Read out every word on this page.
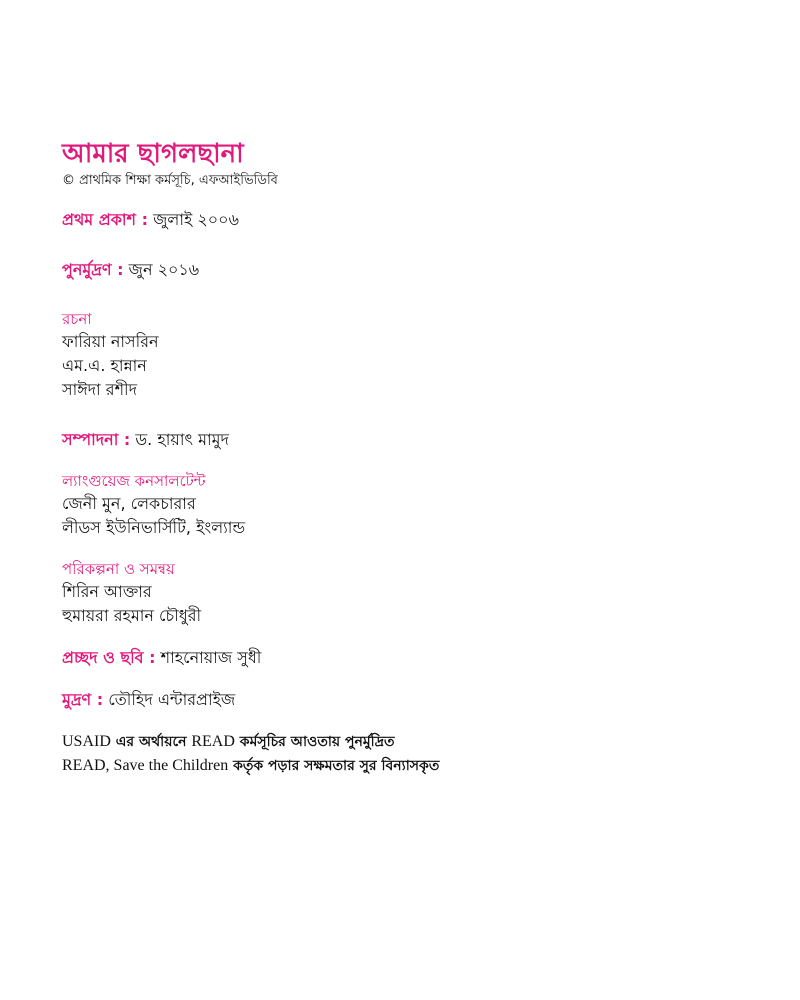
আমার ছাগলছানা
© প্রাথমিক শিক্ষা কর্মসূচি, এফআইভিডিবি
প্রথম প্রকাশ : জুলাই ২০০৬
পুনর্মুদ্রণ : জুন ২০১৬
রচনা
ফারিয়া নাসরিন
এম.এ. হান্নান
সাঈদা রশীদ
সম্পাদনা : ড. হায়াৎ মামুদ
ল্যাংগুয়েজ কনসালটেন্ট
জেনী মুন, লেকচারার
লীডস ইউনিভার্সিটি, ইংল্যান্ড
পরিকল্পনা ও সমন্বয়
শিরিন আক্তার
হুমায়রা রহমান চৌধুরী
প্রচ্ছদ ও ছবি : শাহনোয়াজ সুধী
মুদ্রণ : তৌহিদ এন্টারপ্রাইজ
USAID এর অর্থায়নে READ কর্মসূচির আওতায় পুনর্মুদ্রিত
READ, Save the Children কর্তৃক পড়ার সক্ষমতার সুর বিন্যাসকৃত
